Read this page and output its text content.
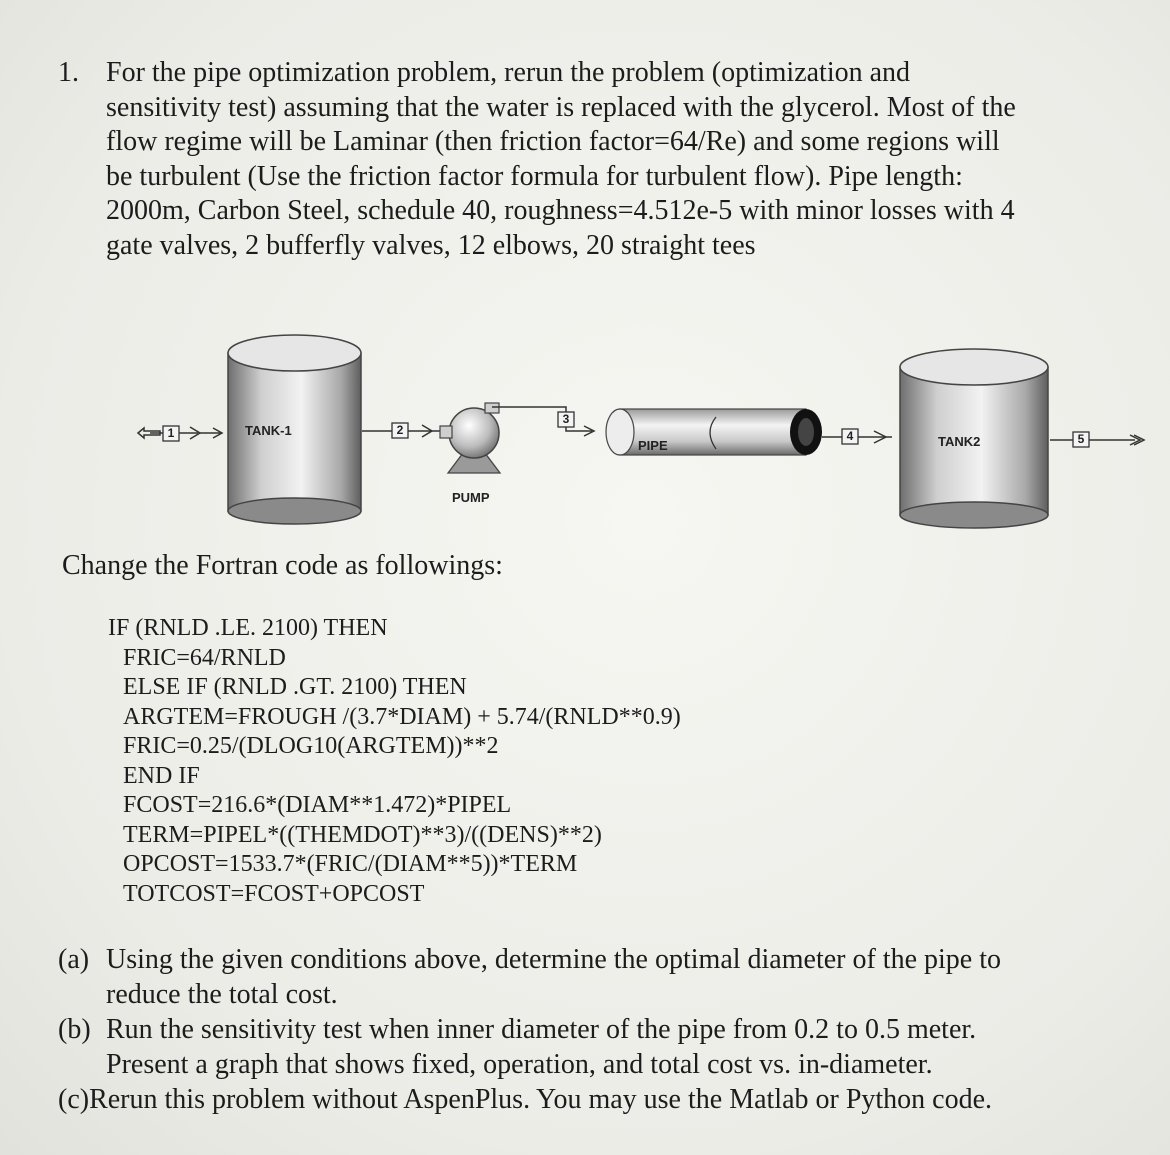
1. For the pipe optimization problem, rerun the problem (optimization and
sensitivity test) assuming that the water is replaced with the glycerol. Most of the
flow regime will be Laminar (then friction factor=64/Re) and some regions will
be turbulent (Use the friction factor formula for turbulent flow). Pipe length:
2000m, Carbon Steel, schedule 40, roughness=4.512e-5 with minor losses with 4
gate valves, 2 bufferfly valves, 12 elbows, 20 straight tees
TANK-1
PUMP
PIPE	TANK2
1	2
3
4	5
Change the Fortran code as followings:
IF (RNLD .LE. 2100) THEN
FRIC=64/RNLD
ELSE IF (RNLD .GT. 2100) THEN
ARGTEM=FROUGH /(3.7*DIAM) + 5.74/(RNLD**0.9)
FRIC=0.25/(DLOG10(ARGTEM))**2
END IF
FCOST=216.6*(DIAM**1.472)*PIPEL
TERM=PIPEL*((THEMDOT)**3)/((DENS)**2)
OPCOST=1533.7*(FRIC/(DIAM**5))*TERM
TOTCOST=FCOST+OPCOST
(a) Using the given conditions above, determine the optimal diameter of the pipe to
reduce the total cost.
(b) Run the sensitivity test when inner diameter of the pipe from 0.2 to 0.5 meter.
Present a graph that shows fixed, operation, and total cost vs. in-diameter.
(c)Rerun this problem without AspenPlus. You may use the Matlab or Python code.
